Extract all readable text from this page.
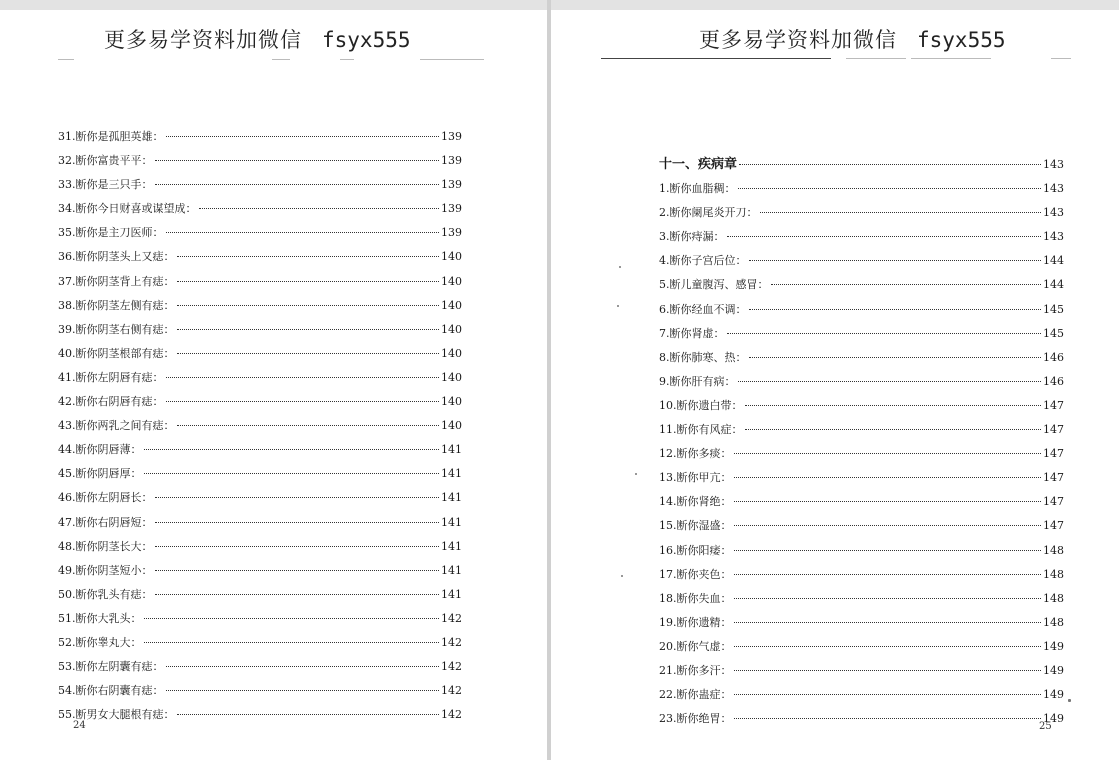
更多易学资料加微信 fsyx555
31.断你是孤胆英雄：	139
32.断你富贵平平：	139
33.断你是三只手：	139
34.断你今日财喜或谋望成：	139
35.断你是主刀医师：	139
36.断你阴茎头上又痣：	140
37.断你阴茎背上有痣：	140
38.断你阴茎左侧有痣：	140
39.断你阴茎右侧有痣：	140
40.断你阴茎根部有痣：	140
41.断你左阴唇有痣：	140
42.断你右阴唇有痣：	140
43.断你两乳之间有痣：	140
44.断你阴唇薄：	141
45.断你阴唇厚：	141
46.断你左阴唇长：	141
47.断你右阴唇短：	141
48.断你阴茎长大：	141
49.断你阴茎短小：	141
50.断你乳头有痣：	141
51.断你大乳头：	142
52.断你睾丸大：	142
53.断你左阴囊有痣：	142
54.断你右阴囊有痣：	142
55.断男女大腿根有痣：	142
24
更多易学资料加微信 fsyx555
十一、疾病章	143
1.断你血脂稠：	143
2.断你阑尾炎开刀：	143
3.断你痔漏：	143
4.断你子宫后位：	144
5.断儿童腹泻、感冒：	144
6.断你经血不调：	145
7.断你肾虚：	145
8.断你肺寒、热：	146
9.断你肝有病：	146
10.断你遗白带：	147
11.断你有风症：	147
12.断你多痰：	147
13.断你甲亢：	147
14.断你肾绝：	147
15.断你湿盛：	147
16.断你阳痿：	148
17.断你夹色：	148
18.断你失血：	148
19.断你遗精：	148
20.断你气虚：	149
21.断你多汗：	149
22.断你蛊症：	149
23.断你绝胃：	149
25
